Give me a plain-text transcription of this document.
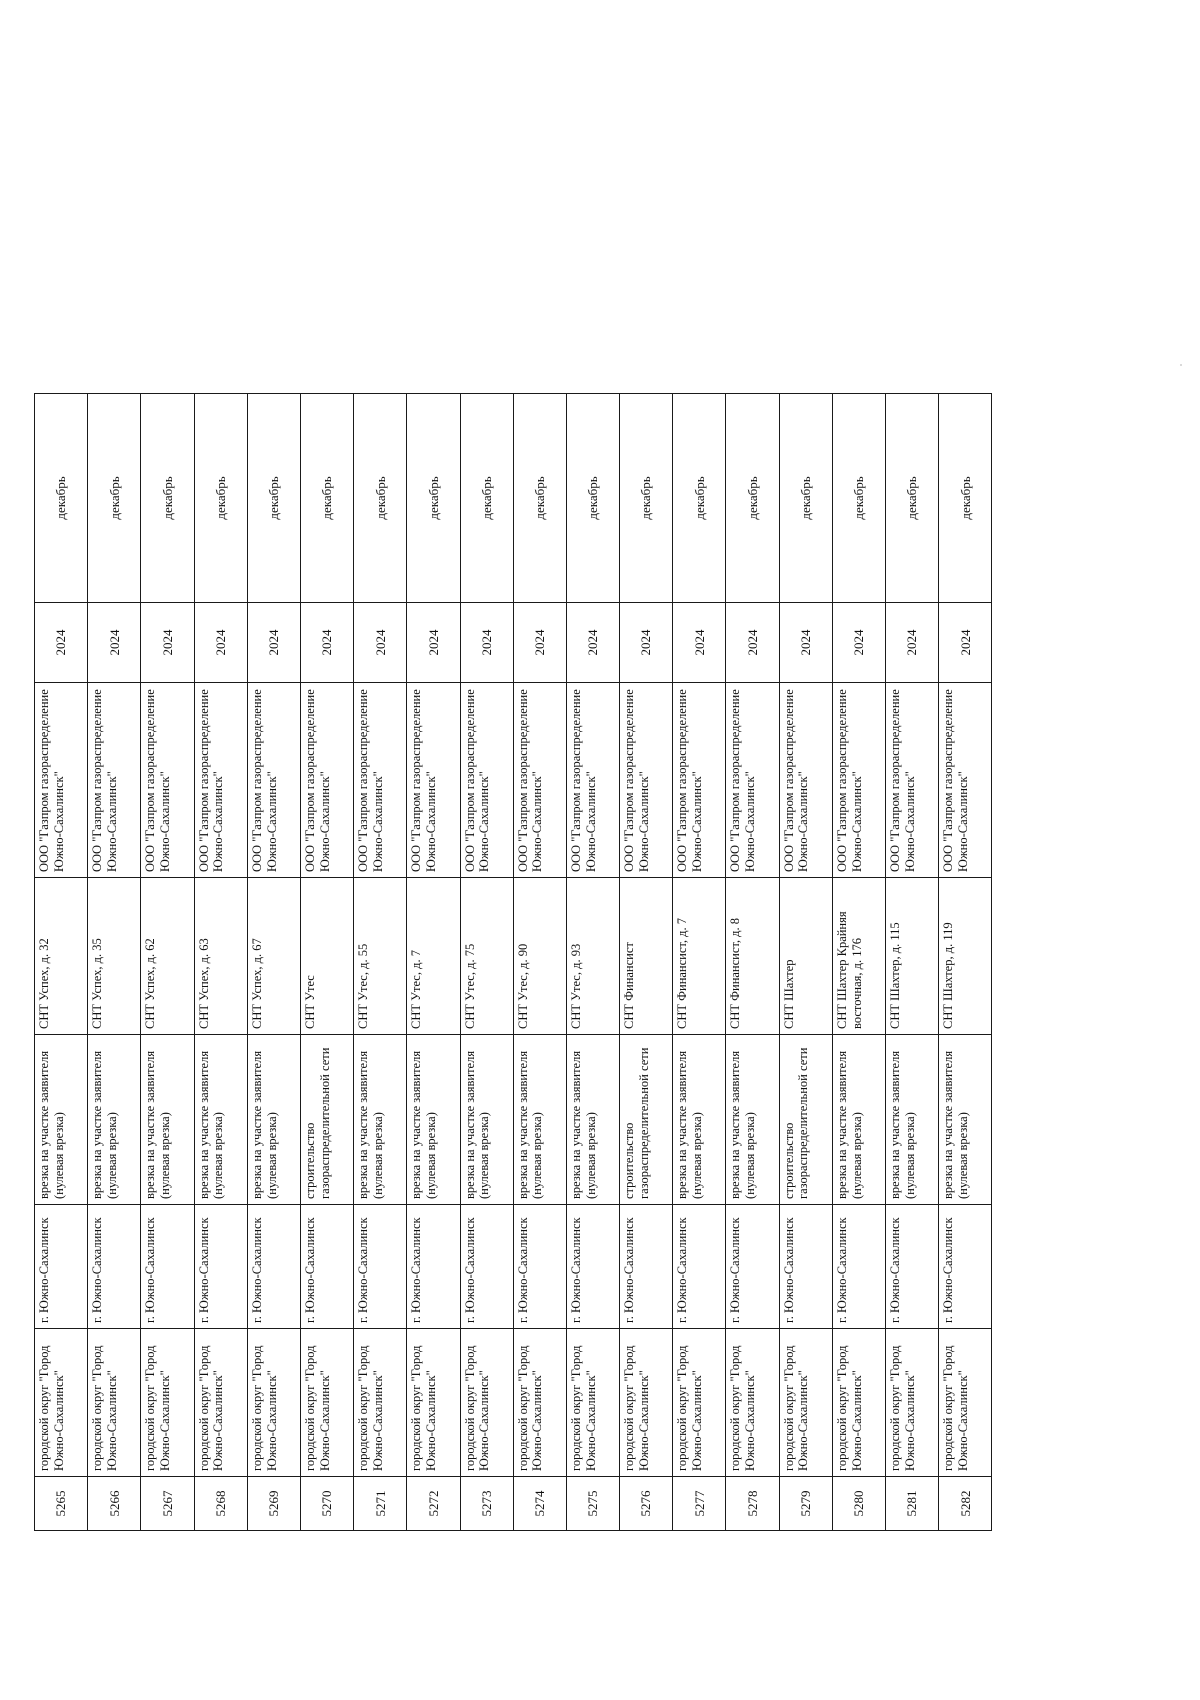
5265	городской округ "Город Южно-Сахалинск"	г. Южно-Сахалинск	врезка на участке заявителя (нулевая врезка)	СНТ Успех, д. 32	ООО "Газпром газораспределение Южно-Сахалинск"	2024	декабрь
5266	городской округ "Город Южно-Сахалинск"	г. Южно-Сахалинск	врезка на участке заявителя (нулевая врезка)	СНТ Успех, д. 35	ООО "Газпром газораспределение Южно-Сахалинск"	2024	декабрь
5267	городской округ "Город Южно-Сахалинск"	г. Южно-Сахалинск	врезка на участке заявителя (нулевая врезка)	СНТ Успех, д. 62	ООО "Газпром газораспределение Южно-Сахалинск"	2024	декабрь
5268	городской округ "Город Южно-Сахалинск"	г. Южно-Сахалинск	врезка на участке заявителя (нулевая врезка)	СНТ Успех, д. 63	ООО "Газпром газораспределение Южно-Сахалинск"	2024	декабрь
5269	городской округ "Город Южно-Сахалинск"	г. Южно-Сахалинск	врезка на участке заявителя (нулевая врезка)	СНТ Успех, д. 67	ООО "Газпром газораспределение Южно-Сахалинск"	2024	декабрь
5270	городской округ "Город Южно-Сахалинск"	г. Южно-Сахалинск	строительство газораспределительной сети	СНТ Утес	ООО "Газпром газораспределение Южно-Сахалинск"	2024	декабрь
5271	городской округ "Город Южно-Сахалинск"	г. Южно-Сахалинск	врезка на участке заявителя (нулевая врезка)	СНТ Утес, д. 55	ООО "Газпром газораспределение Южно-Сахалинск"	2024	декабрь
5272	городской округ "Город Южно-Сахалинск"	г. Южно-Сахалинск	врезка на участке заявителя (нулевая врезка)	СНТ Утес, д. 7	ООО "Газпром газораспределение Южно-Сахалинск"	2024	декабрь
5273	городской округ "Город Южно-Сахалинск"	г. Южно-Сахалинск	врезка на участке заявителя (нулевая врезка)	СНТ Утес, д. 75	ООО "Газпром газораспределение Южно-Сахалинск"	2024	декабрь
5274	городской округ "Город Южно-Сахалинск"	г. Южно-Сахалинск	врезка на участке заявителя (нулевая врезка)	СНТ Утес, д. 90	ООО "Газпром газораспределение Южно-Сахалинск"	2024	декабрь
5275	городской округ "Город Южно-Сахалинск"	г. Южно-Сахалинск	врезка на участке заявителя (нулевая врезка)	СНТ Утес, д. 93	ООО "Газпром газораспределение Южно-Сахалинск"	2024	декабрь
5276	городской округ "Город Южно-Сахалинск"	г. Южно-Сахалинск	строительство газораспределительной сети	СНТ Финансист	ООО "Газпром газораспределение Южно-Сахалинск"	2024	декабрь
5277	городской округ "Город Южно-Сахалинск"	г. Южно-Сахалинск	врезка на участке заявителя (нулевая врезка)	СНТ Финансист, д. 7	ООО "Газпром газораспределение Южно-Сахалинск"	2024	декабрь
5278	городской округ "Город Южно-Сахалинск"	г. Южно-Сахалинск	врезка на участке заявителя (нулевая врезка)	СНТ Финансист, д. 8	ООО "Газпром газораспределение Южно-Сахалинск"	2024	декабрь
5279	городской округ "Город Южно-Сахалинск"	г. Южно-Сахалинск	строительство газораспределительной сети	СНТ Шахтер	ООО "Газпром газораспределение Южно-Сахалинск"	2024	декабрь
5280	городской округ "Город Южно-Сахалинск"	г. Южно-Сахалинск	врезка на участке заявителя (нулевая врезка)	СНТ Шахтер Крайняя восточная, д. 176	ООО "Газпром газораспределение Южно-Сахалинск"	2024	декабрь
5281	городской округ "Город Южно-Сахалинск"	г. Южно-Сахалинск	врезка на участке заявителя (нулевая врезка)	СНТ Шахтер, д. 115	ООО "Газпром газораспределение Южно-Сахалинск"	2024	декабрь
5282	городской округ "Город Южно-Сахалинск"	г. Южно-Сахалинск	врезка на участке заявителя (нулевая врезка)	СНТ Шахтер, д. 119	ООО "Газпром газораспределение Южно-Сахалинск"	2024	декабрь
